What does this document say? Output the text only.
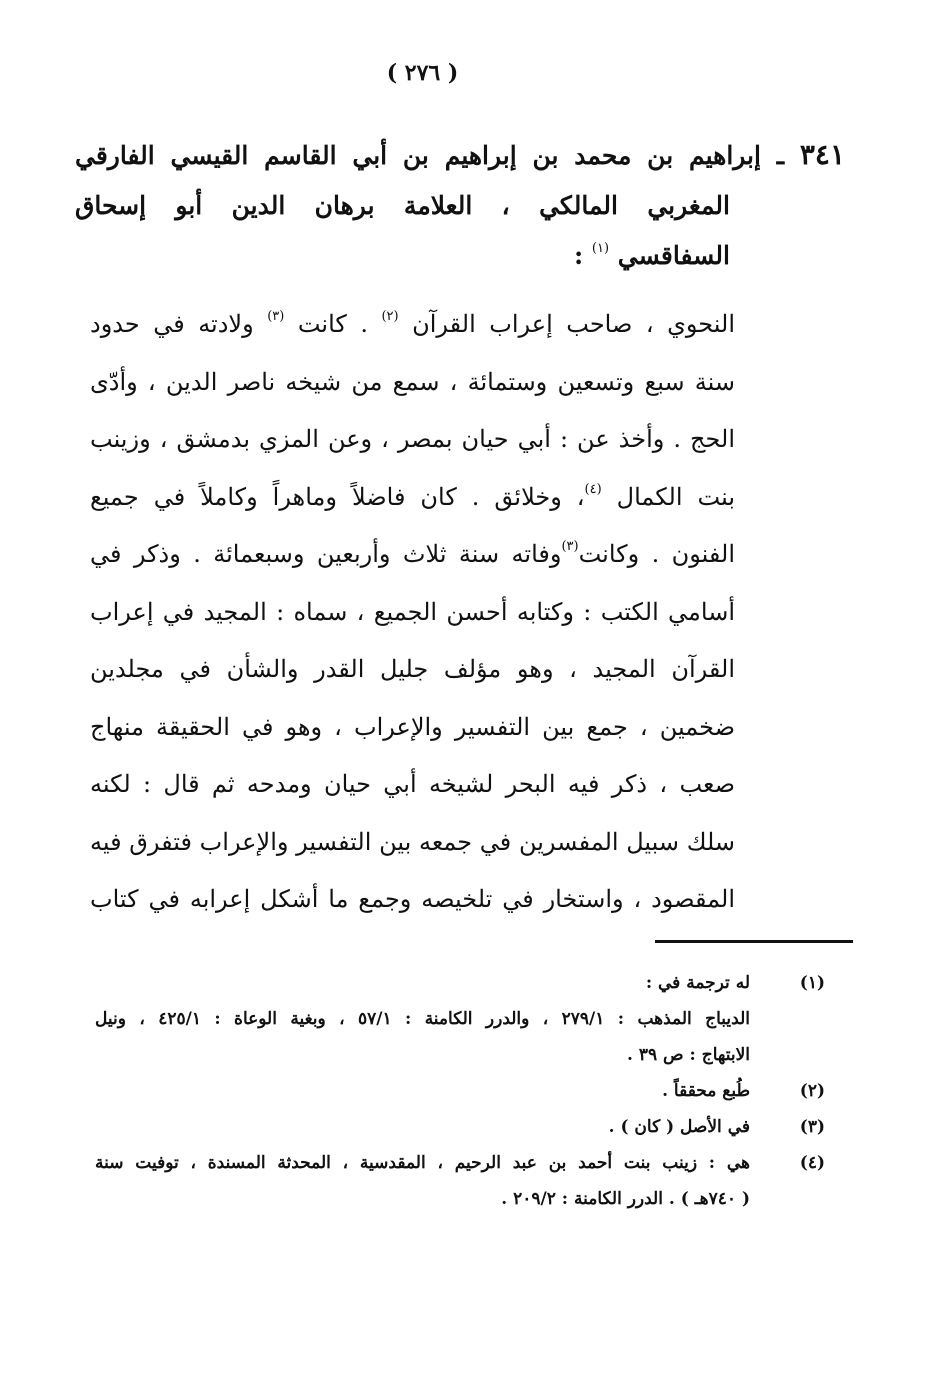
( ٢٧٦ )
٣٤١ ـ إبراهيم بن محمد بن إبراهيم بن أبي القاسم القيسي الفارقي
المغربي المالكي ، العلامة برهان الدين أبو إسحاق
السفاقسي $^{(١)}$ :
النحوي ، صاحب إعراب القرآن $^{(٢)}$ . كانت $^{(٣)}$ ولادته في حدود
سنة سبع وتسعين وستمائة ، سمع من شيخه ناصر الدين ، وأدّى
الحج . وأخذ عن : أبي حيان بمصر ، وعن المزي بدمشق ، وزينب
بنت الكمال $^{(٤)}$، وخلائق . كان فاضلاً وماهراً وكاملاً في جميع
الفنون . وكانت$^{(٣)}$وفاته سنة ثلاث وأربعين وسبعمائة . وذكر في
أسامي الكتب : وكتابه أحسن الجميع ، سماه : المجيد في إعراب
القرآن المجيد ، وهو مؤلف جليل القدر والشأن في مجلدين
ضخمين ، جمع بين التفسير والإعراب ، وهو في الحقيقة منهاج
صعب ، ذكر فيه البحر لشيخه أبي حيان ومدحه ثم قال : لكنه
سلك سبيل المفسرين في جمعه بين التفسير والإعراب فتفرق فيه
المقصود ، واستخار في تلخيصه وجمع ما أشكل إعرابه في كتاب
(١)
له ترجمة في :
الديباج المذهب : ٢٧٩/١ ، والدرر الكامنة : ٥٧/١ ، وبغية الوعاة : ٤٢٥/١ ، ونيل
الابتهاج : ص ٣٩ .
(٢)
طُبع محققاً .
(٣)
في الأصل ( كان ) .
(٤)
هي : زينب بنت أحمد بن عبد الرحيم ، المقدسية ، المحدثة المسندة ، توفيت سنة
( ٧٤٠هـ ) . الدرر الكامنة : ٢٠٩/٢ .
